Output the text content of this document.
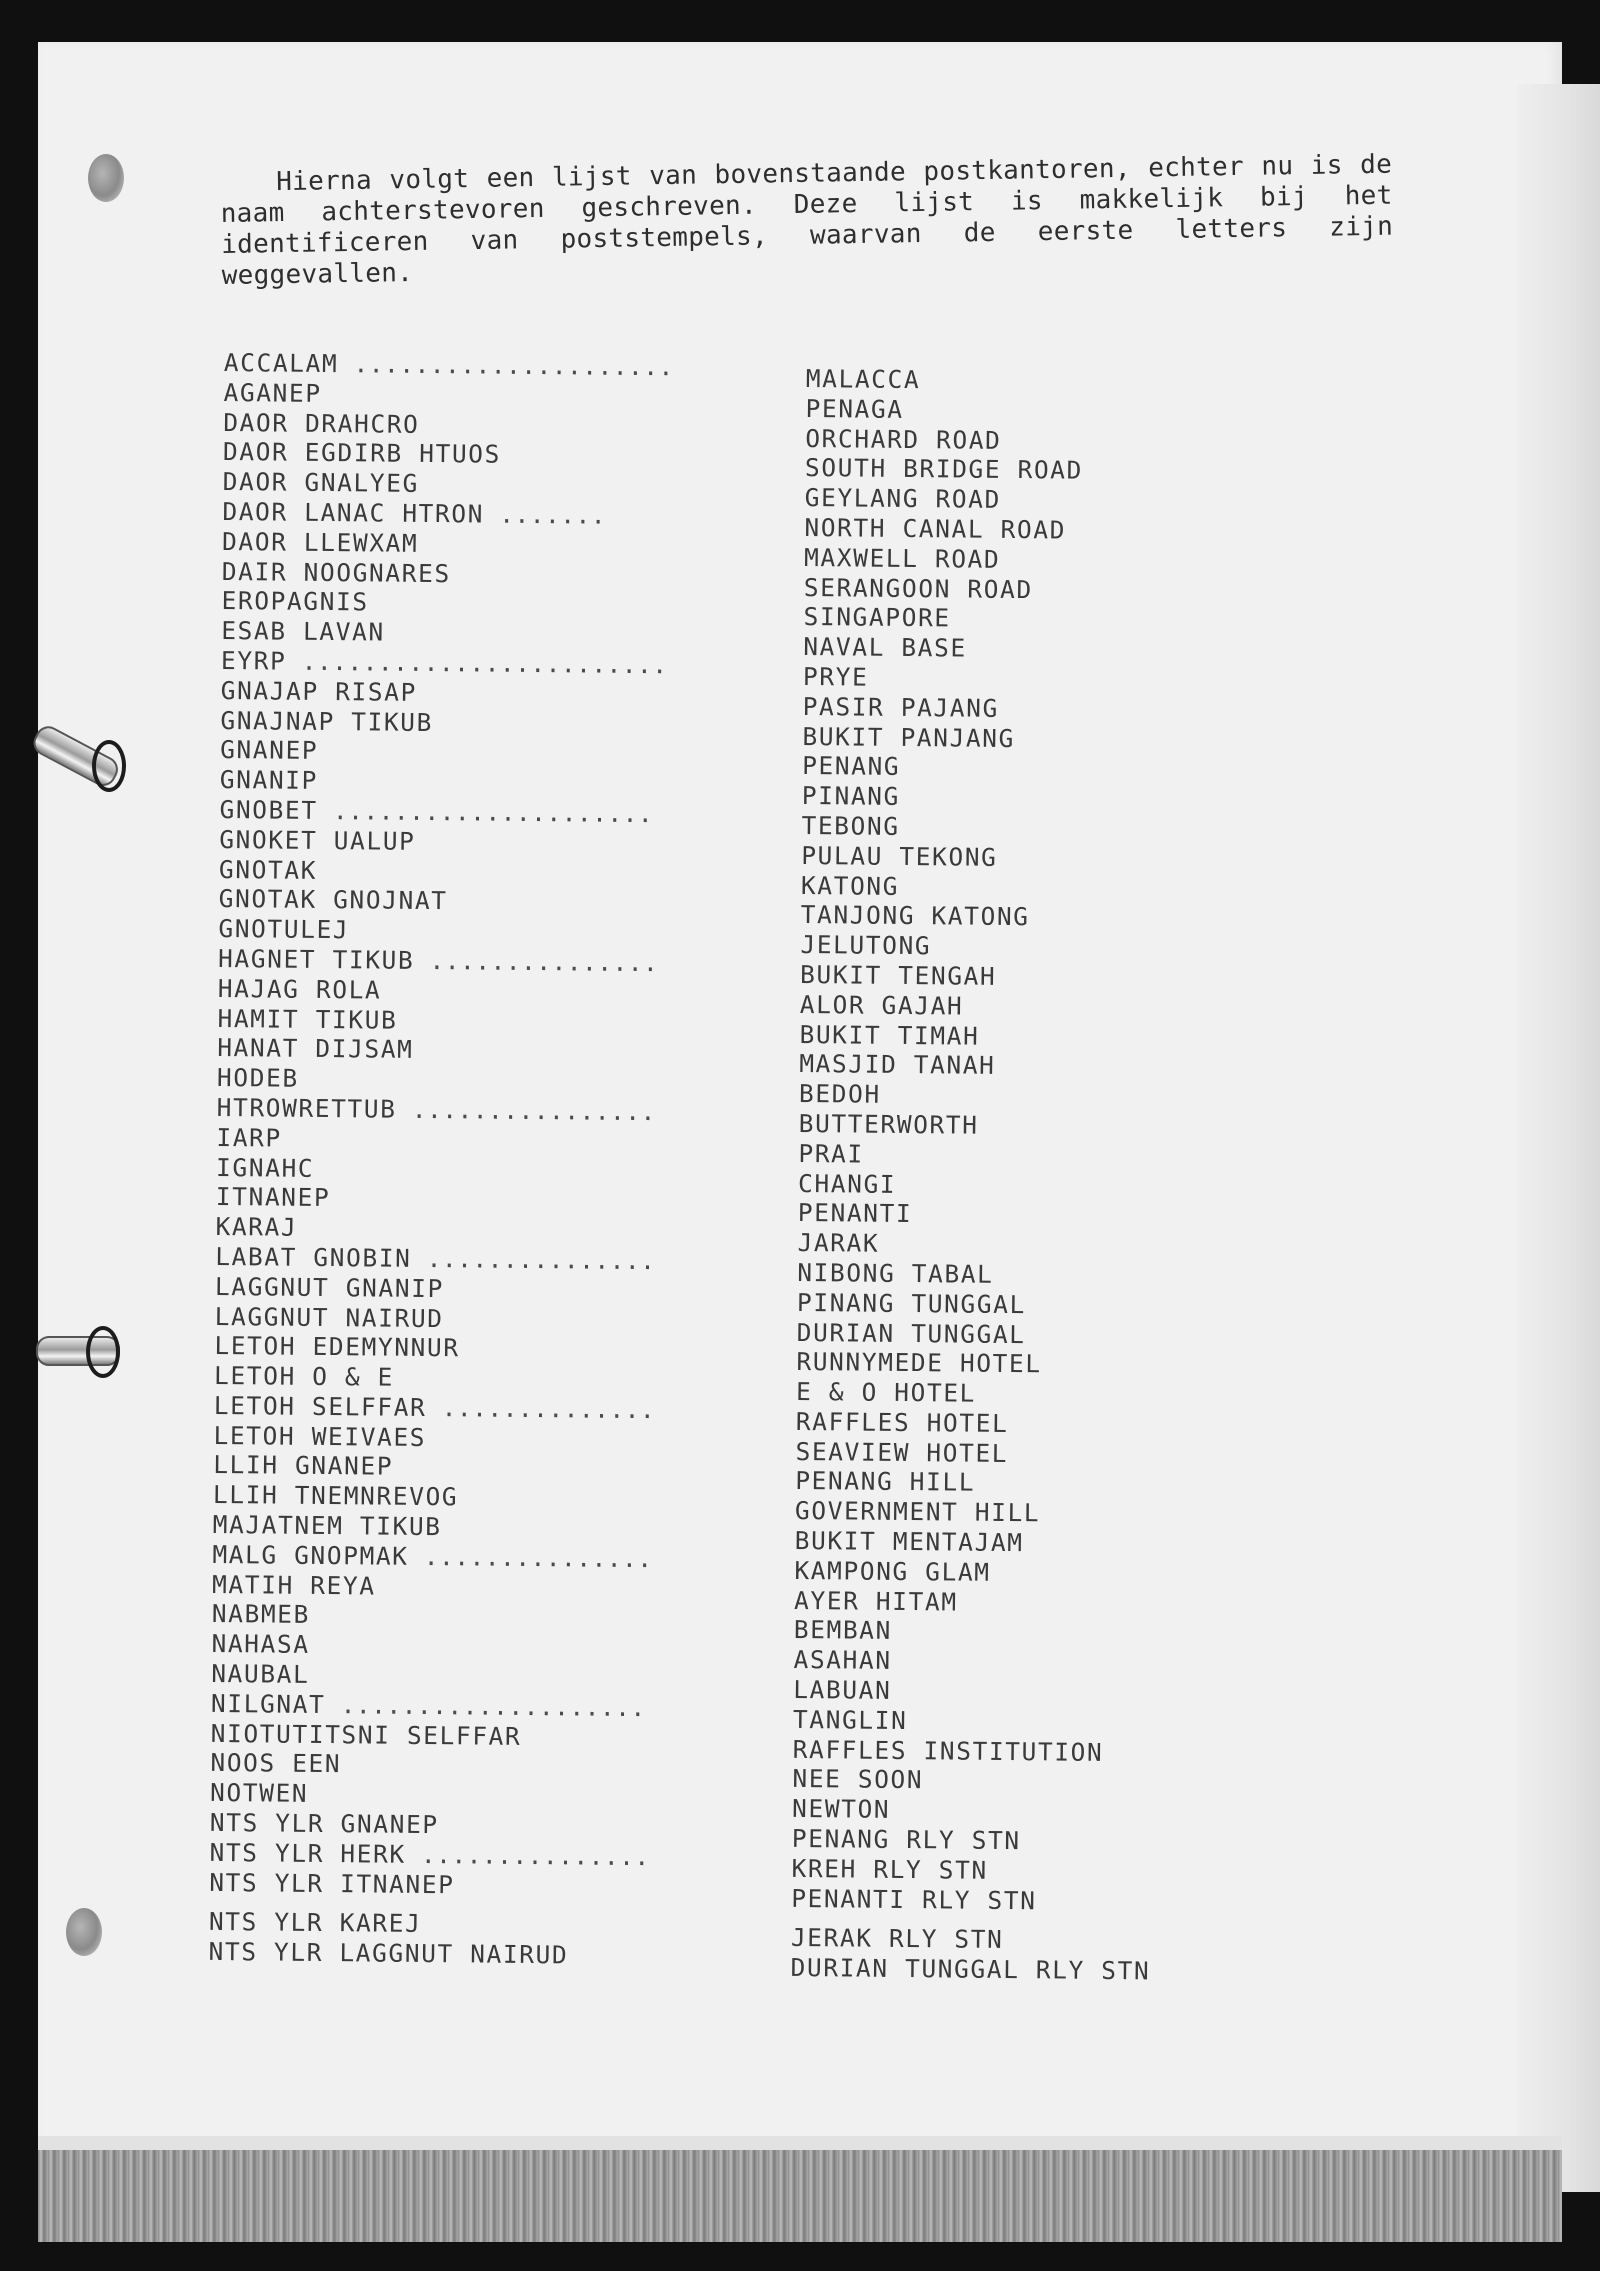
Hierna volgt een lijst van bovenstaande postkantoren, echter nu is de naam achterstevoren geschreven. Deze lijst is makkelijk bij het identificeren van poststempels, waarvan de eerste letters zijn weggevallen.

ACCALAM .....................
AGANEP
DAOR DRAHCRO
DAOR EGDIRB HTUOS
DAOR GNALYEG
DAOR LANAC HTRON .......
DAOR LLEWXAM
DAIR NOOGNARES
EROPAGNIS
ESAB LAVAN
EYRP ........................
GNAJAP RISAP
GNAJNAP TIKUB
GNANEP
GNANIP
GNOBET .....................
GNOKET UALUP
GNOTAK
GNOTAK GNOJNAT
GNOTULEJ
HAGNET TIKUB ...............
HAJAG ROLA
HAMIT TIKUB
HANAT DIJSAM
HODEB
HTROWRETTUB ................
IARP
IGNAHC
ITNANEP
KARAJ
LABAT GNOBIN ...............
LAGGNUT GNANIP
LAGGNUT NAIRUD
LETOH EDEMYNNUR
LETOH O & E
LETOH SELFFAR ..............
LETOH WEIVAES
LLIH GNANEP
LLIH TNEMNREVOG
MAJATNEM TIKUB
MALG GNOPMAK ...............
MATIH REYA
NABMEB
NAHASA
NAUBAL
NILGNAT ....................
NIOTUTITSNI SELFFAR
NOOS EEN
NOTWEN
NTS YLR GNANEP
NTS YLR HERK ...............
NTS YLR ITNANEP
NTS YLR KAREJ
NTS YLR LAGGNUT NAIRUD
MALACCA
PENAGA
ORCHARD ROAD
SOUTH BRIDGE ROAD
GEYLANG ROAD
NORTH CANAL ROAD
MAXWELL ROAD
SERANGOON ROAD
SINGAPORE
NAVAL BASE
PRYE
PASIR PAJANG
BUKIT PANJANG
PENANG
PINANG
TEBONG
PULAU TEKONG
KATONG
TANJONG KATONG
JELUTONG
BUKIT TENGAH
ALOR GAJAH
BUKIT TIMAH
MASJID TANAH
BEDOH
BUTTERWORTH
PRAI
CHANGI
PENANTI
JARAK
NIBONG TABAL
PINANG TUNGGAL
DURIAN TUNGGAL
RUNNYMEDE HOTEL
E & O HOTEL
RAFFLES HOTEL
SEAVIEW HOTEL
PENANG HILL
GOVERNMENT HILL
BUKIT MENTAJAM
KAMPONG GLAM
AYER HITAM
BEMBAN
ASAHAN
LABUAN
TANGLIN
RAFFLES INSTITUTION
NEE SOON
NEWTON
PENANG RLY STN
KREH RLY STN
PENANTI RLY STN
JERAK RLY STN
DURIAN TUNGGAL RLY STN
